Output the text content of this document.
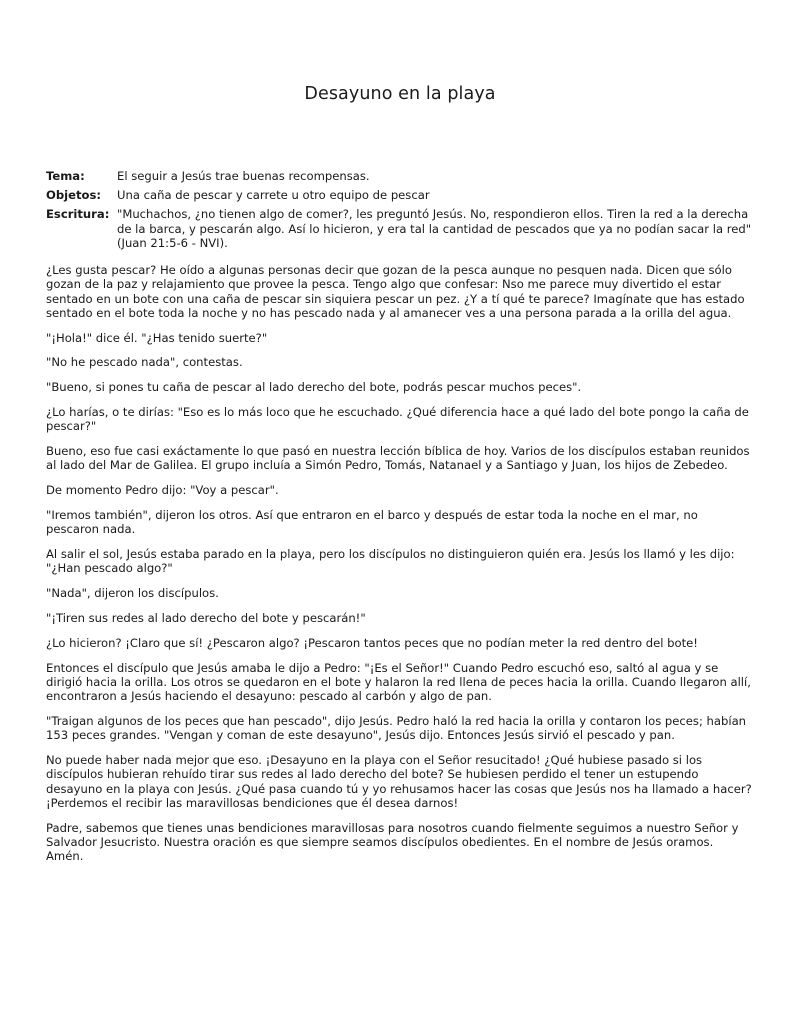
Desayuno en la playa
Tema:	El seguir a Jesús trae buenas recompensas.
Objetos:	Una caña de pescar y carrete u otro equipo de pescar
Escritura: "Muchachos, ¿no tienen algo de comer?, les preguntó Jesús. No, respondieron ellos. Tiren la red a la derecha de la barca, y pescarán algo. Así lo hicieron, y era tal la cantidad de pescados que ya no podían sacar la red" (Juan 21:5-6 - NVI).

¿Les gusta pescar? He oído a algunas personas decir que gozan de la pesca aunque no pesquen nada. Dicen que sólo gozan de la paz y relajamiento que provee la pesca. Tengo algo que confesar: Nso me parece muy divertido el estar sentado en un bote con una caña de pescar sin siquiera pescar un pez. ¿Y a tí qué te parece? Imagínate que has estado sentado en el bote toda la noche y no has pescado nada y al amanecer ves a una persona parada a la orilla del agua.

"¡Hola!" dice él. "¿Has tenido suerte?"

"No he pescado nada", contestas.

"Bueno, si pones tu caña de pescar al lado derecho del bote, podrás pescar muchos peces".

¿Lo harías, o te dirías: "Eso es lo más loco que he escuchado. ¿Qué diferencia hace a qué lado del bote pongo la caña de pescar?"

Bueno, eso fue casi exáctamente lo que pasó en nuestra lección bíblica de hoy. Varios de los discípulos estaban reunidos al lado del Mar de Galilea. El grupo incluía a Simón Pedro, Tomás, Natanael y a Santiago y Juan, los hijos de Zebedeo.

De momento Pedro dijo: "Voy a pescar".

"Iremos también", dijeron los otros. Así que entraron en el barco y después de estar toda la noche en el mar, no pescaron nada.

Al salir el sol, Jesús estaba parado en la playa, pero los discípulos no distinguieron quién era. Jesús los llamó y les dijo: "¿Han pescado algo?"

"Nada", dijeron los discípulos.

"¡Tiren sus redes al lado derecho del bote y pescarán!"

¿Lo hicieron? ¡Claro que sí! ¿Pescaron algo? ¡Pescaron tantos peces que no podían meter la red dentro del bote!

Entonces el discípulo que Jesús amaba le dijo a Pedro: "¡Es el Señor!" Cuando Pedro escuchó eso, saltó al agua y se dirigió hacia la orilla. Los otros se quedaron en el bote y halaron la red llena de peces hacia la orilla. Cuando llegaron allí, encontraron a Jesús haciendo el desayuno: pescado al carbón y algo de pan.

"Traigan algunos de los peces que han pescado", dijo Jesús. Pedro haló la red hacia la orilla y contaron los peces; habían 153 peces grandes. "Vengan y coman de este desayuno", Jesús dijo. Entonces Jesús sirvió el pescado y pan.

No puede haber nada mejor que eso. ¡Desayuno en la playa con el Señor resucitado! ¿Qué hubiese pasado si los discípulos hubieran rehuído tirar sus redes al lado derecho del bote? Se hubiesen perdido el tener un estupendo desayuno en la playa con Jesús. ¿Qué pasa cuando tú y yo rehusamos hacer las cosas que Jesús nos ha llamado a hacer? ¡Perdemos el recibir las maravillosas bendiciones que él desea darnos!

Padre, sabemos que tienes unas bendiciones maravillosas para nosotros cuando fielmente seguimos a nuestro Señor y Salvador Jesucristo. Nuestra oración es que siempre seamos discípulos obedientes. En el nombre de Jesús oramos. Amén.
